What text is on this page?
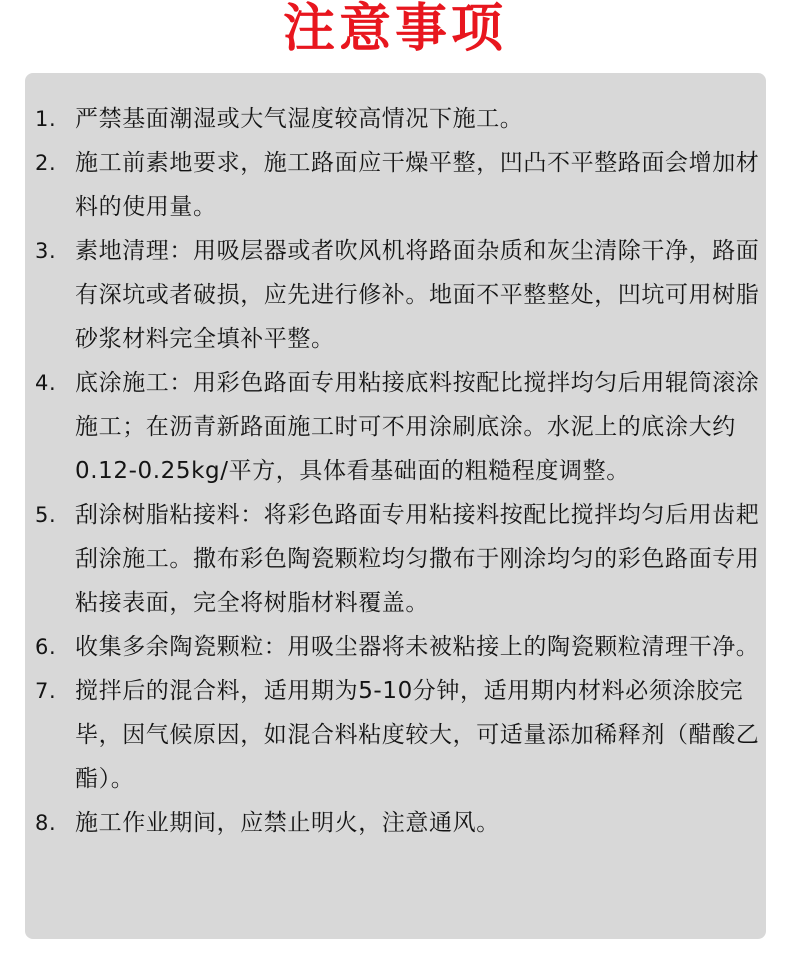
注意事项
1. 严禁基面潮湿或大气湿度较高情况下施工。
2. 施工前素地要求，施工路面应干燥平整，凹凸不平整路面会增加材料的使用量。
3. 素地清理：用吸层器或者吹风机将路面杂质和灰尘清除干净，路面有深坑或者破损，应先进行修补。地面不平整整处，凹坑可用树脂砂浆材料完全填补平整。
4. 底涂施工：用彩色路面专用粘接底料按配比搅拌均匀后用辊筒滚涂施工；在沥青新路面施工时可不用涂刷底涂。水泥上的底涂大约0.12-0.25kg/平方，具体看基础面的粗糙程度调整。
5. 刮涂树脂粘接料：将彩色路面专用粘接料按配比搅拌均匀后用齿耙刮涂施工。撒布彩色陶瓷颗粒均匀撒布于刚涂均匀的彩色路面专用粘接表面，完全将树脂材料覆盖。
6. 收集多余陶瓷颗粒：用吸尘器将未被粘接上的陶瓷颗粒清理干净。
7. 搅拌后的混合料，适用期为5-10分钟，适用期内材料必须涂胶完毕，因气候原因，如混合料粘度较大，可适量添加稀释剂（醋酸乙酯）。
8. 施工作业期间，应禁止明火，注意通风。
